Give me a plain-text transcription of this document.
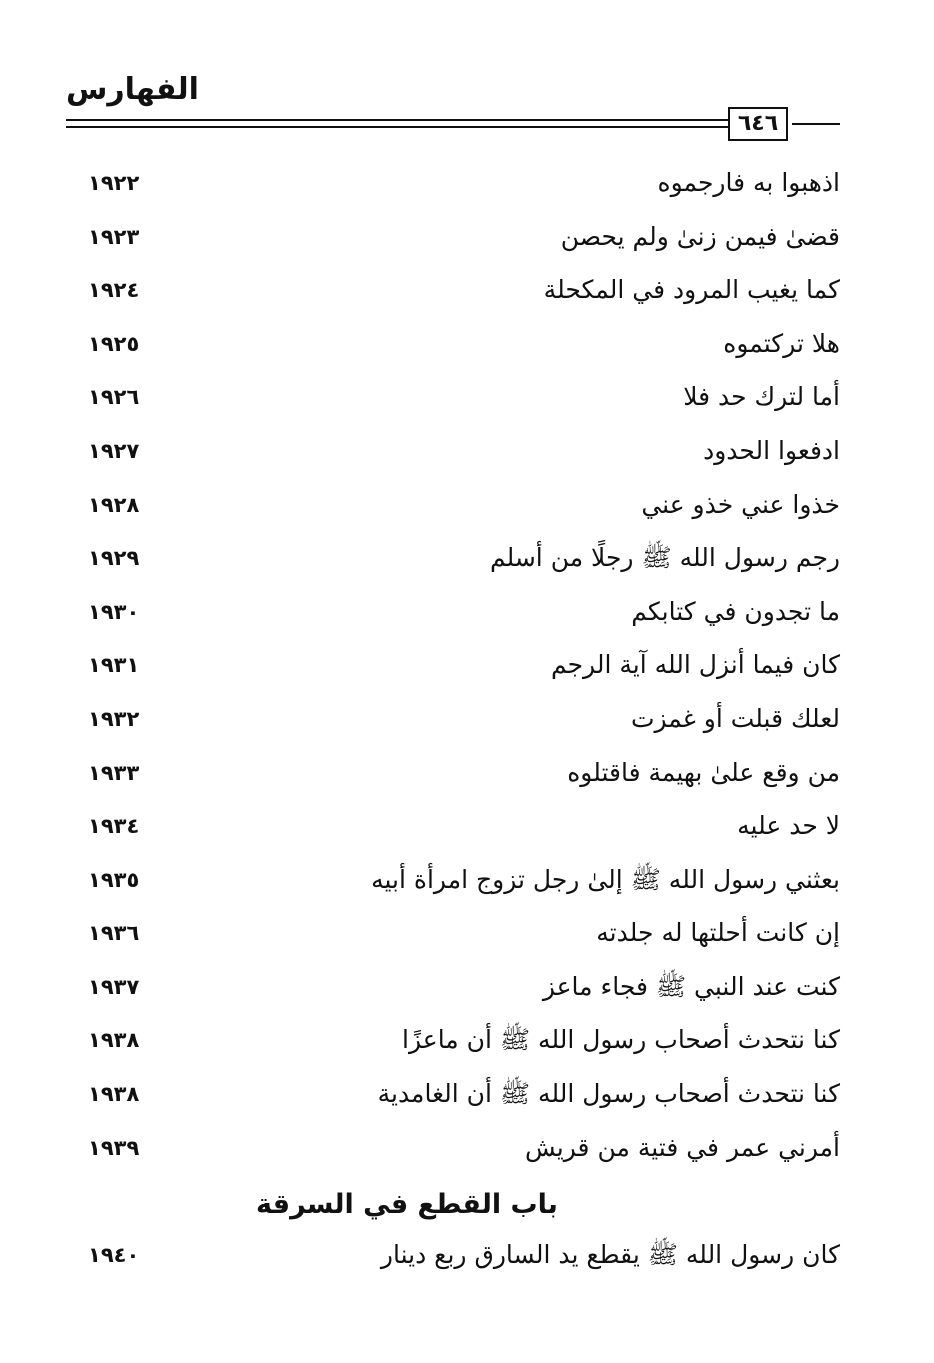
الفهارس
٦٤٦
اذهبوا به فارجموه
١٩٢٢
قضىٰ فيمن زنىٰ ولم يحصن
١٩٢٣
كما يغيب المرود في المكحلة
١٩٢٤
هلا تركتموه
١٩٢٥
أما لترك حد فلا
١٩٢٦
ادفعوا الحدود
١٩٢٧
خذوا عني خذو عني
١٩٢٨
رجم رسول الله ﷺ رجلًا من أسلم
١٩٢٩
ما تجدون في كتابكم
١٩٣٠
كان فيما أنزل الله آية الرجم
١٩٣١
لعلك قبلت أو غمزت
١٩٣٢
من وقع علىٰ بهيمة فاقتلوه
١٩٣٣
لا حد عليه
١٩٣٤
بعثني رسول الله ﷺ إلىٰ رجل تزوج امرأة أبيه
١٩٣٥
إن كانت أحلتها له جلدته
١٩٣٦
كنت عند النبي ﷺ فجاء ماعز
١٩٣٧
كنا نتحدث أصحاب رسول الله ﷺ أن ماعزًا
١٩٣٨
كنا نتحدث أصحاب رسول الله ﷺ أن الغامدية
١٩٣٨
أمرني عمر في فتية من قريش
١٩٣٩
باب القطع في السرقة
كان رسول الله ﷺ يقطع يد السارق ربع دينار
١٩٤٠
